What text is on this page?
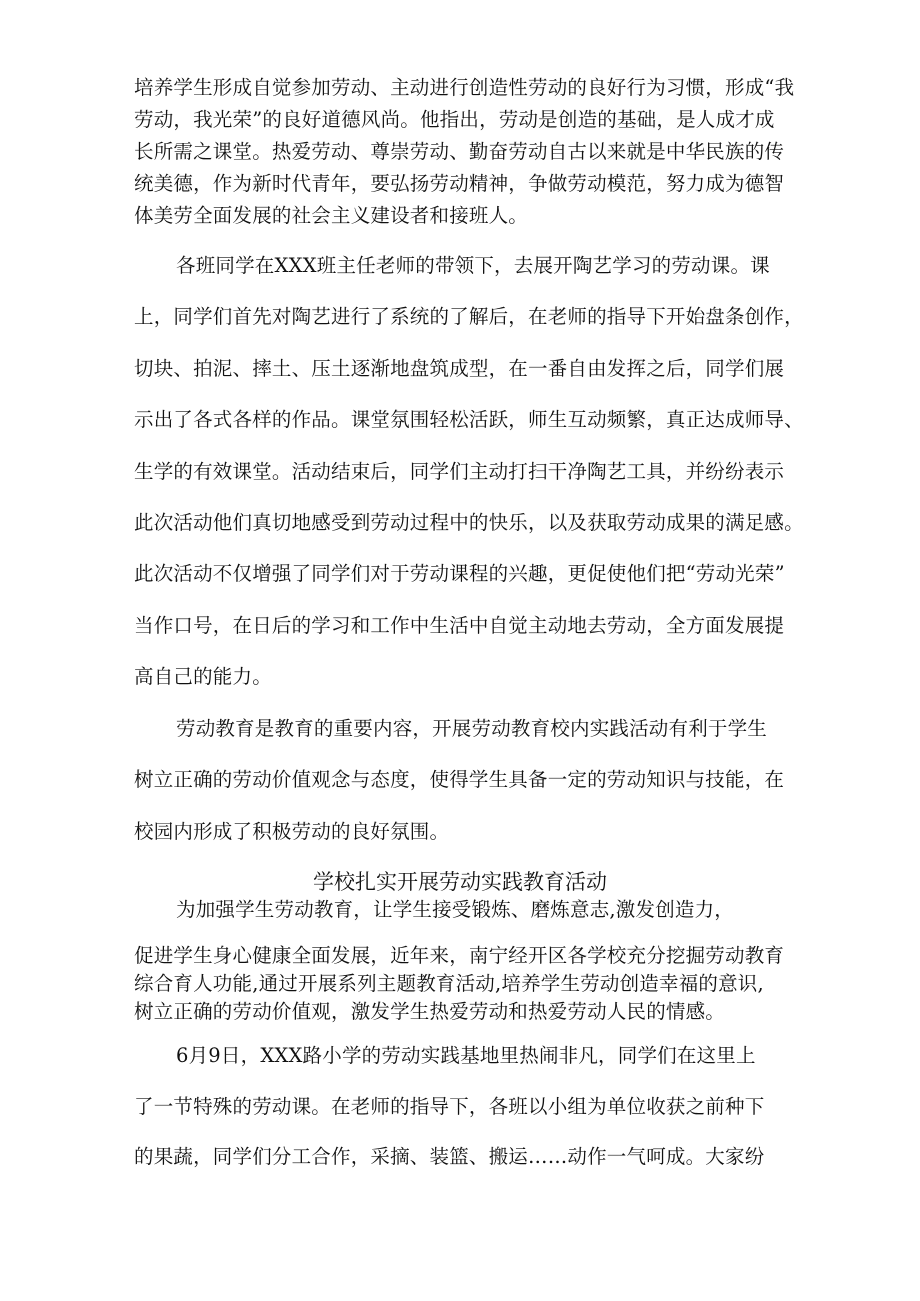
培养学生形成自觉参加劳动、主动进行创造性劳动的良好行为习惯，形成“我
劳动，我光荣”的良好道德风尚。他指出，劳动是创造的基础，是人成才成
长所需之课堂。热爱劳动、尊崇劳动、勤奋劳动自古以来就是中华民族的传
统美德，作为新时代青年，要弘扬劳动精神，争做劳动模范，努力成为德智
体美劳全面发展的社会主义建设者和接班人。
各班同学在XXX班主任老师的带领下，去展开陶艺学习的劳动课。课
上，同学们首先对陶艺进行了系统的了解后，在老师的指导下开始盘条创作，
切块、拍泥、摔土、压土逐渐地盘筑成型，在一番自由发挥之后，同学们展
示出了各式各样的作品。课堂氛围轻松活跃，师生互动频繁，真正达成师导、
生学的有效课堂。活动结束后，同学们主动打扫干净陶艺工具，并纷纷表示
此次活动他们真切地感受到劳动过程中的快乐，以及获取劳动成果的满足感。
此次活动不仅增强了同学们对于劳动课程的兴趣，更促使他们把“劳动光荣”
当作口号，在日后的学习和工作中生活中自觉主动地去劳动，全方面发展提
高自己的能力。
劳动教育是教育的重要内容，开展劳动教育校内实践活动有利于学生
树立正确的劳动价值观念与态度，使得学生具备一定的劳动知识与技能，在
校园内形成了积极劳动的良好氛围。
学校扎实开展劳动实践教育活动
为加强学生劳动教育，让学生接受锻炼、磨炼意志,激发创造力，
促进学生身心健康全面发展，近年来，南宁经开区各学校充分挖掘劳动教育
综合育人功能,通过开展系列主题教育活动,培养学生劳动创造幸福的意识,
树立正确的劳动价值观，激发学生热爱劳动和热爱劳动人民的情感。
6月9日，XXX路小学的劳动实践基地里热闹非凡，同学们在这里上
了一节特殊的劳动课。在老师的指导下，各班以小组为单位收获之前种下
的果蔬，同学们分工合作，采摘、装篮、搬运……动作一气呵成。大家纷
